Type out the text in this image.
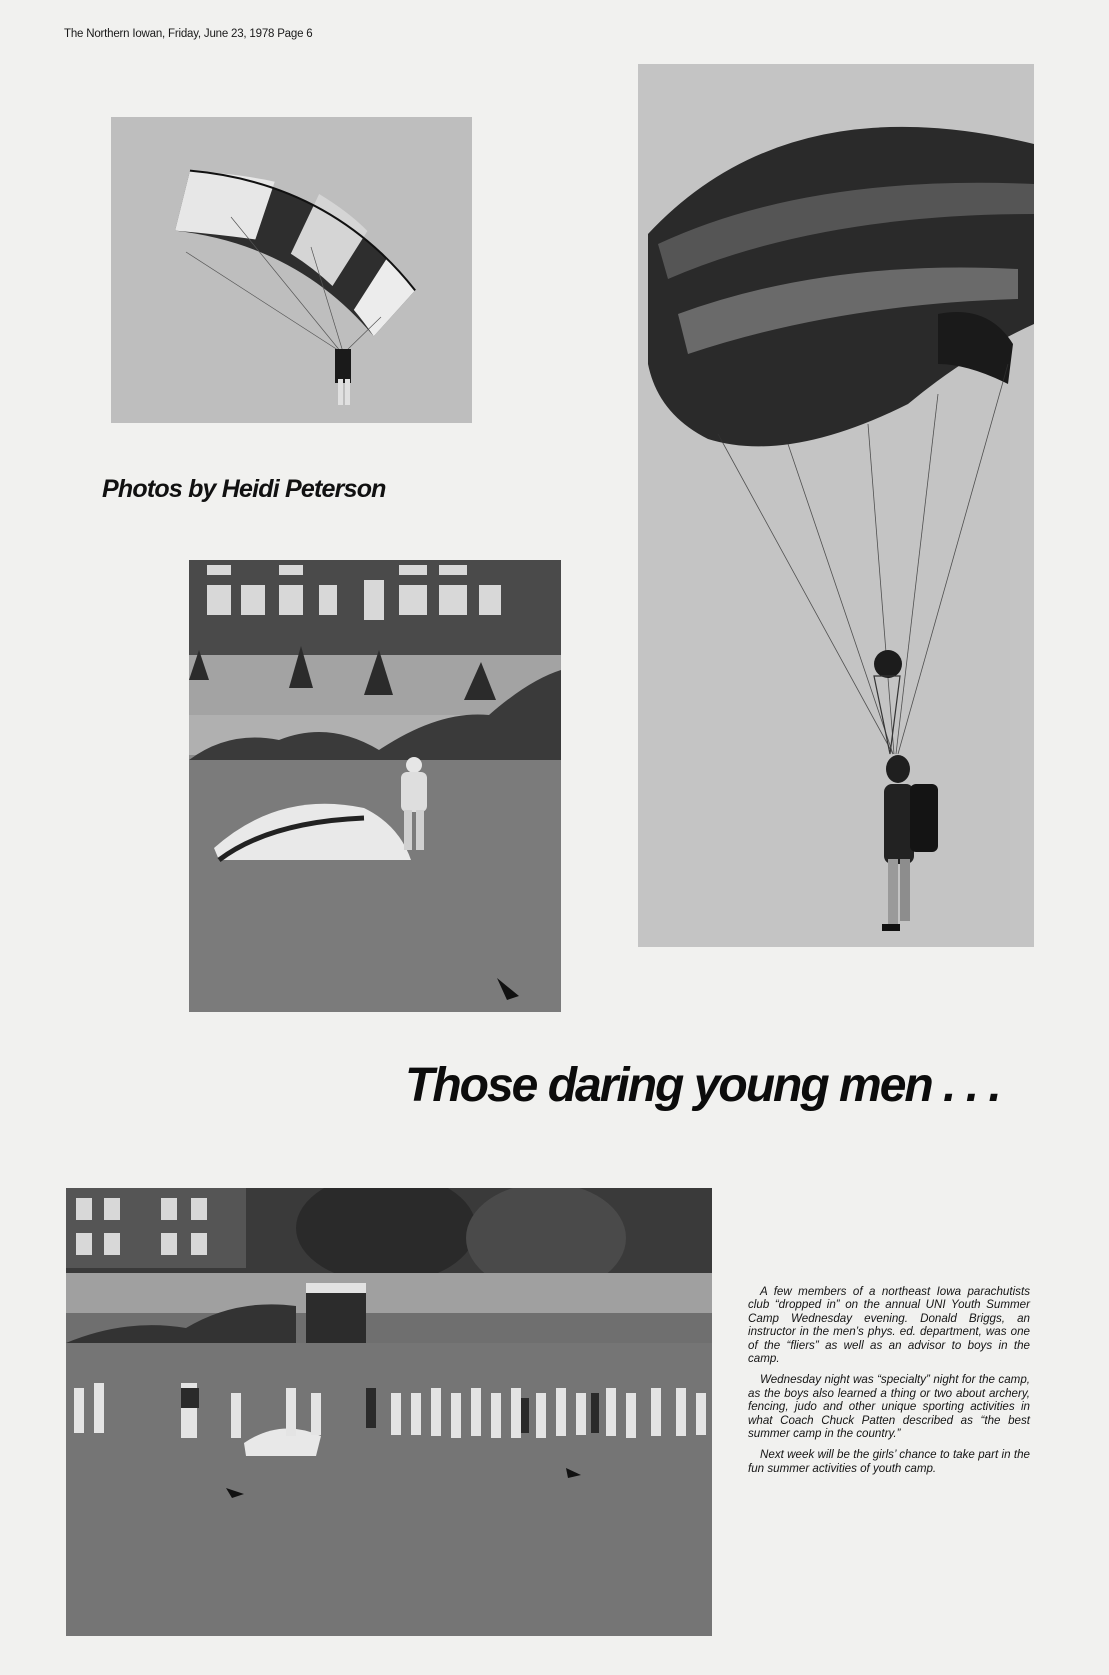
The Northern Iowan, Friday, June 23, 1978 Page 6
Photos by Heidi Peterson
Those daring young men . . .

A few members of a northeast Iowa parachutists club “dropped in” on the annual UNI Youth Summer Camp Wednesday evening. Donald Briggs, an instructor in the men’s phys. ed. department, was one of the “fliers” as well as an advisor to boys in the camp.

Wednesday night was “specialty” night for the camp, as the boys also learned a thing or two about archery, fencing, judo and other unique sporting activities in what Coach Chuck Patten described as “the best summer camp in the country.”

Next week will be the girls’ chance to take part in the fun summer activities of youth camp.
